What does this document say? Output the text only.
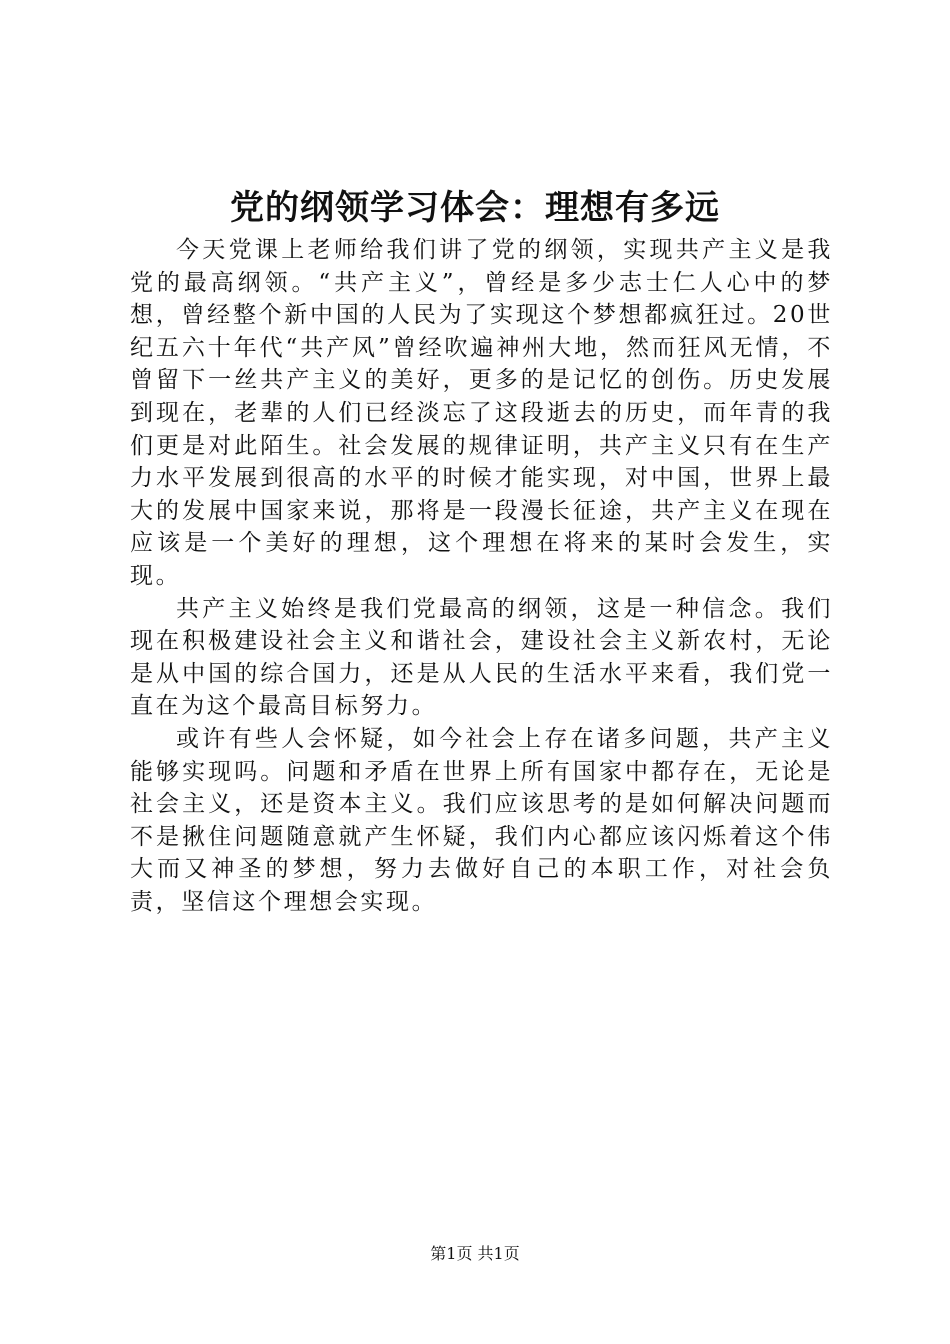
党的纲领学习体会：理想有多远

今天党课上老师给我们讲了党的纲领，实现共产主义是我党的最高纲领。“共产主义”，曾经是多少志士仁人心中的梦想，曾经整个新中国的人民为了实现这个梦想都疯狂过。20世纪五六十年代“共产风”曾经吹遍神州大地，然而狂风无情，不曾留下一丝共产主义的美好，更多的是记忆的创伤。历史发展到现在，老辈的人们已经淡忘了这段逝去的历史，而年青的我们更是对此陌生。社会发展的规律证明，共产主义只有在生产力水平发展到很高的水平的时候才能实现，对中国，世界上最大的发展中国家来说，那将是一段漫长征途，共产主义在现在应该是一个美好的理想，这个理想在将来的某时会发生，实现。

共产主义始终是我们党最高的纲领，这是一种信念。我们现在积极建设社会主义和谐社会，建设社会主义新农村，无论是从中国的综合国力，还是从人民的生活水平来看，我们党一直在为这个最高目标努力。

或许有些人会怀疑，如今社会上存在诸多问题，共产主义能够实现吗。问题和矛盾在世界上所有国家中都存在，无论是社会主义，还是资本主义。我们应该思考的是如何解决问题而不是揪住问题随意就产生怀疑，我们内心都应该闪烁着这个伟大而又神圣的梦想，努力去做好自己的本职工作，对社会负责，坚信这个理想会实现。

第1页 共1页
